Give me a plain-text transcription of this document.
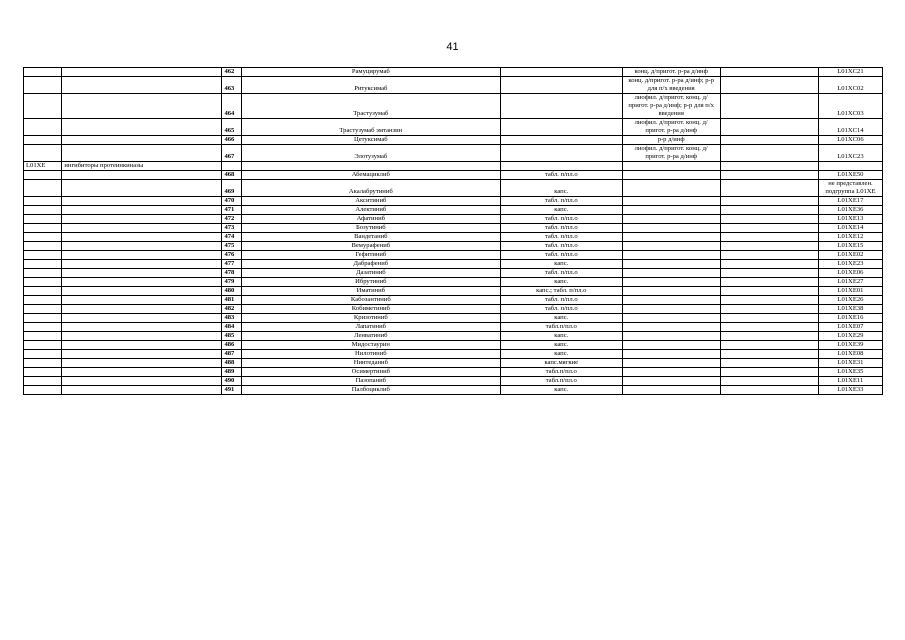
41
		462	Рамуцирумаб		конц. д/пригот. р-ра д/инф		L01XC21
		463	Ритуксимаб		конц. д/пригот. р-ра д/инф; р-р для п/х введения		L01XC02
		464	Трастузумаб		лиофил. д/пригот. конц. д/пригот. р-ра д/инф; р-р для п/х введения		L01XC03
		465	Трастузумаб эмтанзин		лиофил. д/пригот. конц. д/пригот. р-ра д/инф		L01XC14
		466	Цетуксимаб		р-р д/инф		L01XC06
		467	Элотузумаб		лиофил. д/пригот. конц. д/пригот. р-ра д/инф		L01XC23
L01XE	ингибиторы протеинкиназы						
		468	Абемациклиб	табл. п/пл.о			L01XE50
		469	Акалабрутиниб	капс.			не представлен. подгруппа L01XE
		470	Акситиниб	табл. п/пл.о			L01XE17
		471	Алектиниб	капс.			L01XE36
		472	Афатиниб	табл. п/пл.о			L01XE13
		473	Бозутиниб	табл. п/пл.о			L01XE14
		474	Вандетаниб	табл. п/пл.о			L01XE12
		475	Вемурафениб	табл. п/пл.о			L01XE15
		476	Гефитиниб	табл. п/пл.о			L01XE02
		477	Дабрафениб	капс.			L01XE23
		478	Дазатиниб	табл. п/пл.о			L01XE06
		479	Ибрутиниб	капс.			L01XE27
		480	Иматиниб	капс.; табл. п/пл.о			L01XE01
		481	Кабозантиниб	табл. п/пл.о			L01XE26
		482	Кобиметиниб	табл. п/пл.о			L01XE38
		483	Кризотиниб	капс.			L01XE16
		484	Лапатиниб	табл.п/пл.о			L01XE07
		485	Ленватиниб	капс.			L01XE29
		486	Мидостаурин	капс.			L01XE39
		487	Нилотиниб	капс.			L01XE08
		488	Нинтеданиб	капс.мягкие			L01XE31
		489	Осимертиниб	табл.п/пл.о			L01XE35
		490	Пазопаниб	табл.п/пл.о			L01XE11
		491	Палбоциклиб	капс.			L01XE33
